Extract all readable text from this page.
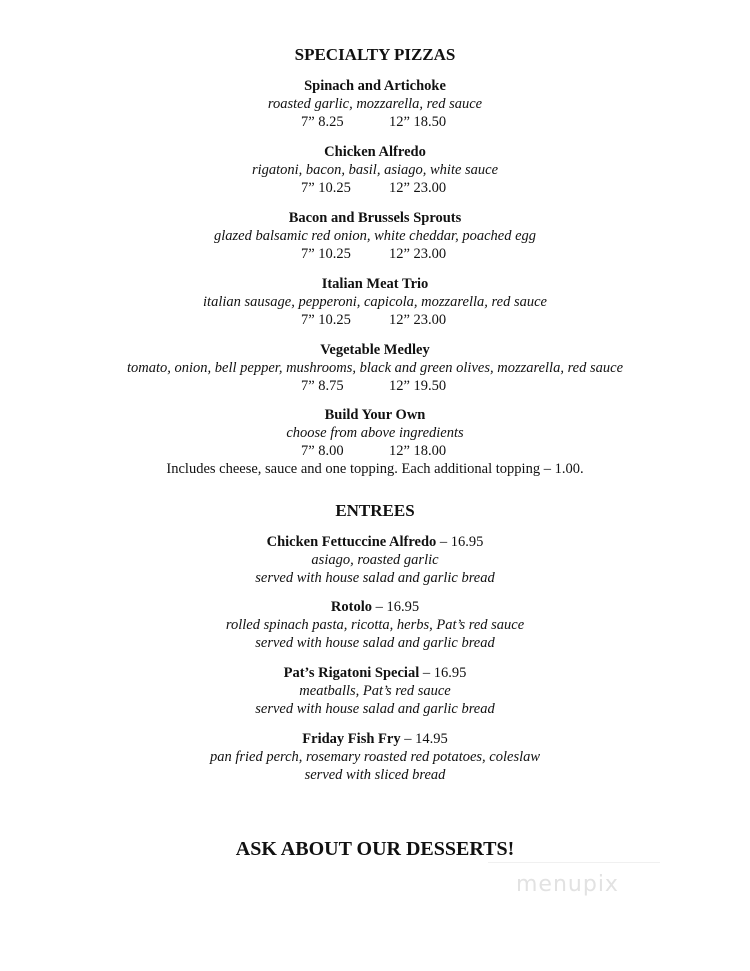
SPECIALTY PIZZAS
Spinach and Artichoke
roasted garlic, mozzarella, red sauce
7” 8.25	12” 18.50
Chicken Alfredo
rigatoni, bacon, basil, asiago, white sauce
7” 10.25	12” 23.00
Bacon and Brussels Sprouts
glazed balsamic red onion, white cheddar, poached egg
7” 10.25	12” 23.00
Italian Meat Trio
italian sausage, pepperoni, capicola, mozzarella, red sauce
7” 10.25	12” 23.00
Vegetable Medley
tomato, onion, bell pepper, mushrooms, black and green olives, mozzarella, red sauce
7” 8.75	12” 19.50
Build Your Own
choose from above ingredients
7” 8.00	12” 18.00
Includes cheese, sauce and one topping. Each additional topping – 1.00.
ENTREES
Chicken Fettuccine Alfredo – 16.95
asiago, roasted garlic
served with house salad and garlic bread
Rotolo – 16.95
rolled spinach pasta, ricotta, herbs, Pat’s red sauce
served with house salad and garlic bread
Pat’s Rigatoni Special – 16.95
meatballs, Pat’s red sauce
served with house salad and garlic bread
Friday Fish Fry – 14.95
pan fried perch, rosemary roasted red potatoes, coleslaw
served with sliced bread
ASK ABOUT OUR DESSERTS!
menupix
